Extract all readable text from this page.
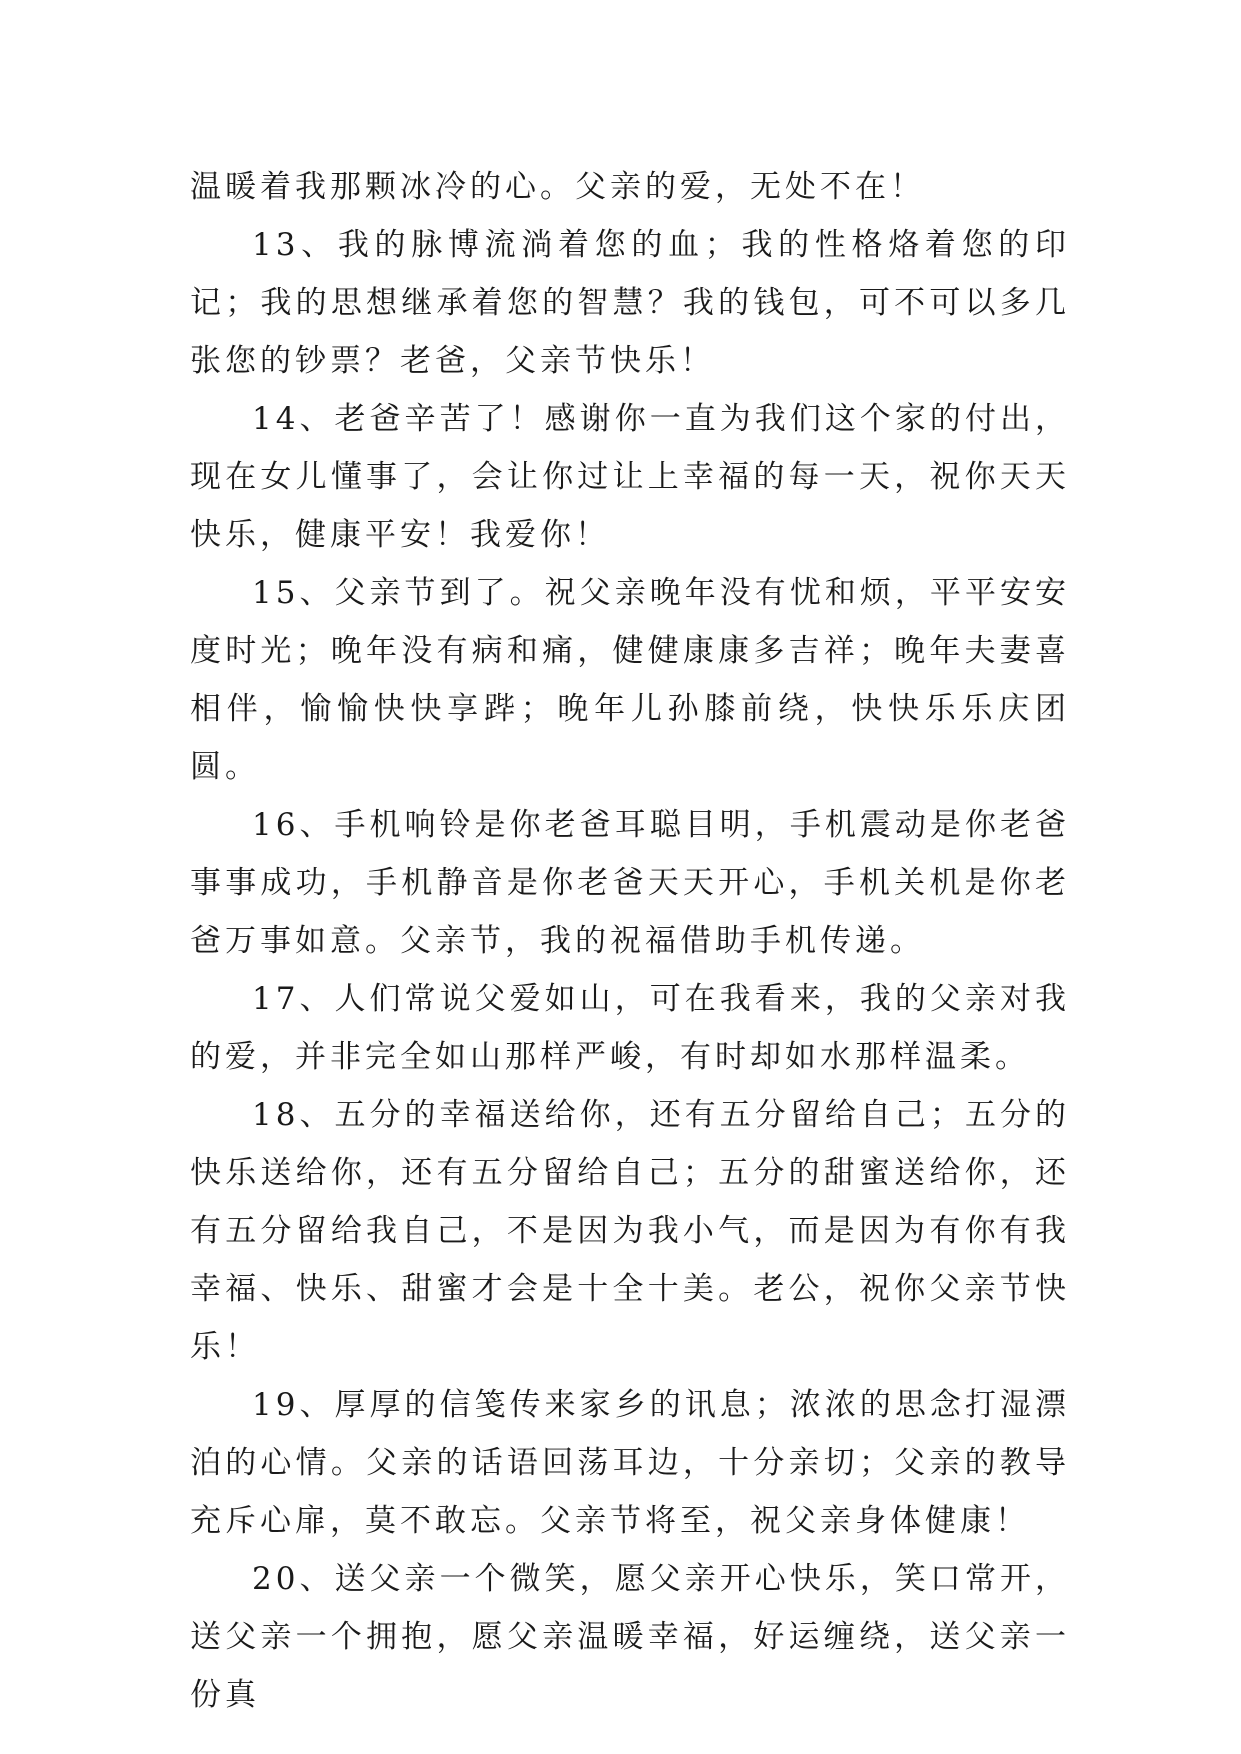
温暖着我那颗冰冷的心。父亲的爱，无处不在！

13、我的脉博流淌着您的血；我的性格烙着您的印记；我的思想继承着您的智慧？我的钱包，可不可以多几张您的钞票？老爸，父亲节快乐！

14、老爸辛苦了！感谢你一直为我们这个家的付出，现在女儿懂事了，会让你过让上幸福的每一天，祝你天天快乐，健康平安！我爱你！

15、父亲节到了。祝父亲晚年没有忧和烦，平平安安度时光；晚年没有病和痛，健健康康多吉祥；晚年夫妻喜相伴，愉愉快快享跸；晚年儿孙膝前绕，快快乐乐庆团圆。

16、手机响铃是你老爸耳聪目明，手机震动是你老爸事事成功，手机静音是你老爸天天开心，手机关机是你老爸万事如意。父亲节，我的祝福借助手机传递。

17、人们常说父爱如山，可在我看来，我的父亲对我的爱，并非完全如山那样严峻，有时却如水那样温柔。

18、五分的幸福送给你，还有五分留给自己；五分的快乐送给你，还有五分留给自己；五分的甜蜜送给你，还有五分留给我自己，不是因为我小气，而是因为有你有我幸福、快乐、甜蜜才会是十全十美。老公，祝你父亲节快乐！

19、厚厚的信笺传来家乡的讯息；浓浓的思念打湿漂泊的心情。父亲的话语回荡耳边，十分亲切；父亲的教导充斥心扉，莫不敢忘。父亲节将至，祝父亲身体健康！

20、送父亲一个微笑，愿父亲开心快乐，笑口常开，送父亲一个拥抱，愿父亲温暖幸福，好运缠绕，送父亲一份真
